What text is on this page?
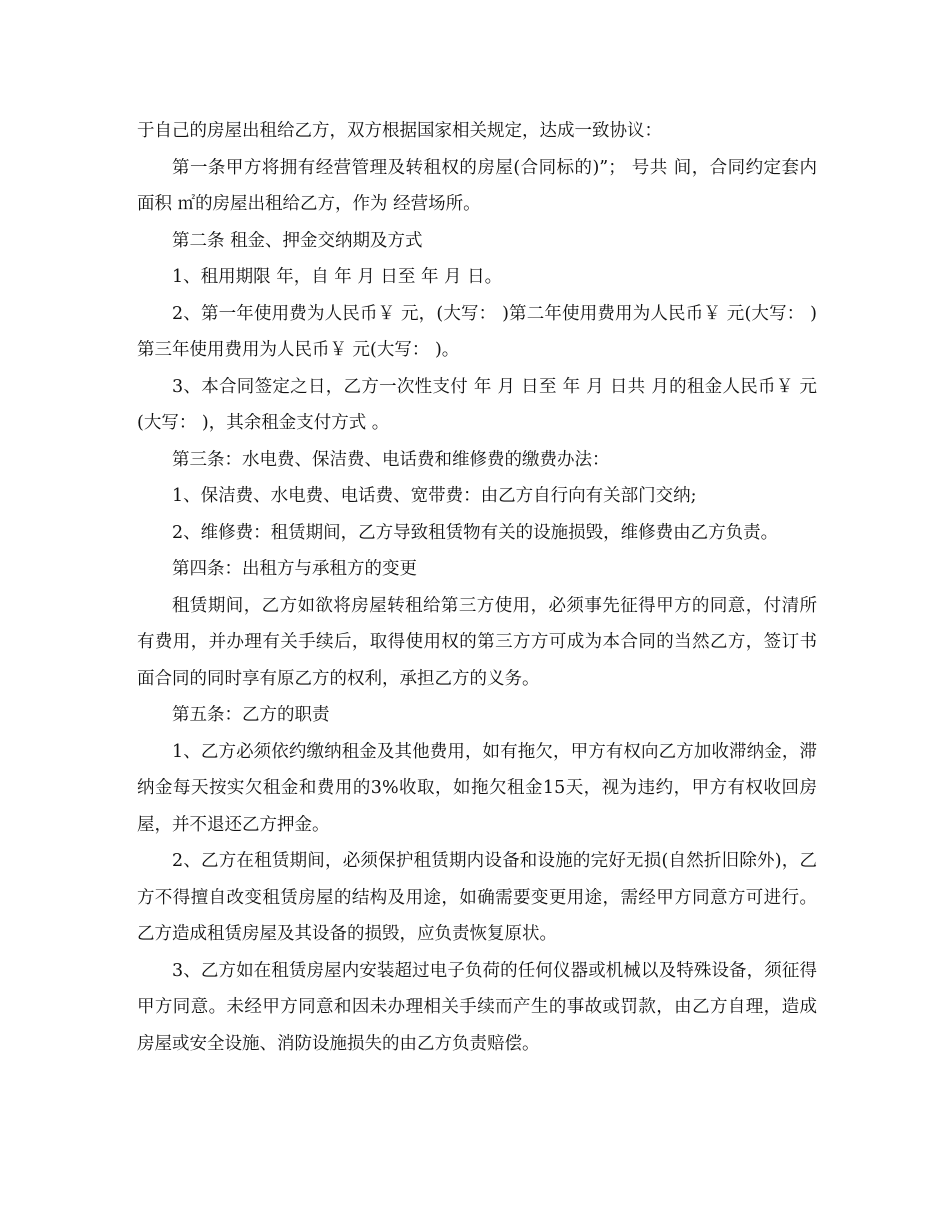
于自己的房屋出租给乙方，双方根据国家相关规定，达成一致协议：

第一条甲方将拥有经营管理及转租权的房屋(合同标的)”； 号共 间，合同约定套内面积 ㎡的房屋出租给乙方，作为 经营场所。

第二条 租金、押金交纳期及方式

1、租用期限 年，自 年 月 日至 年 月 日。

2、第一年使用费为人民币￥ 元，(大写： )第二年使用费用为人民币￥ 元(大写： )第三年使用费用为人民币￥ 元(大写： )。

3、本合同签定之日，乙方一次性支付 年 月 日至 年 月 日共 月的租金人民币￥ 元(大写： )，其余租金支付方式 。

第三条：水电费、保洁费、电话费和维修费的缴费办法：

1、保洁费、水电费、电话费、宽带费：由乙方自行向有关部门交纳;

2、维修费：租赁期间，乙方导致租赁物有关的设施损毁，维修费由乙方负责。

第四条：出租方与承租方的变更

租赁期间，乙方如欲将房屋转租给第三方使用，必须事先征得甲方的同意，付清所有费用，并办理有关手续后，取得使用权的第三方方可成为本合同的当然乙方，签订书面合同的同时享有原乙方的权利，承担乙方的义务。

第五条：乙方的职责

1、乙方必须依约缴纳租金及其他费用，如有拖欠，甲方有权向乙方加收滞纳金，滞纳金每天按实欠租金和费用的3%收取，如拖欠租金15天，视为违约，甲方有权收回房屋，并不退还乙方押金。

2、乙方在租赁期间，必须保护租赁期内设备和设施的完好无损(自然折旧除外)，乙方不得擅自改变租赁房屋的结构及用途，如确需要变更用途，需经甲方同意方可进行。乙方造成租赁房屋及其设备的损毁，应负责恢复原状。

3、乙方如在租赁房屋内安装超过电子负荷的任何仪器或机械以及特殊设备，须征得甲方同意。未经甲方同意和因未办理相关手续而产生的事故或罚款，由乙方自理，造成房屋或安全设施、消防设施损失的由乙方负责赔偿。
